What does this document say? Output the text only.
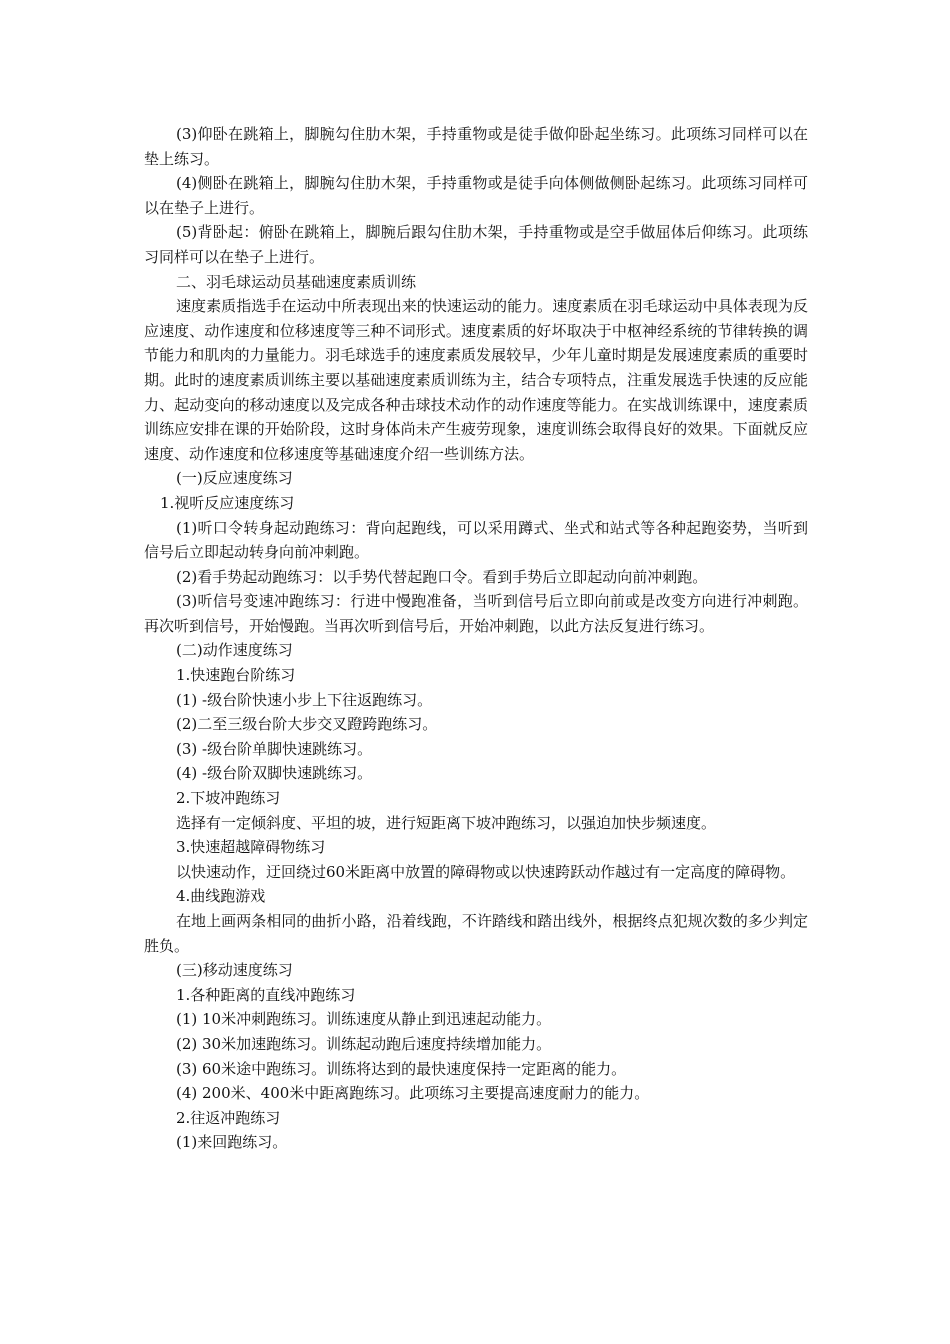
(3)仰卧在跳箱上，脚腕勾住肋木架，手持重物或是徒手做仰卧起坐练习。此项练习同样可以在垫上练习。

(4)侧卧在跳箱上，脚腕勾住肋木架，手持重物或是徒手向体侧做侧卧起练习。此项练习同样可以在垫子上进行。

(5)背卧起：俯卧在跳箱上，脚腕后跟勾住肋木架，手持重物或是空手做屈体后仰练习。此项练习同样可以在垫子上进行。

二、羽毛球运动员基础速度素质训练

速度素质指选手在运动中所表现出来的快速运动的能力。速度素质在羽毛球运动中具体表现为反应速度、动作速度和位移速度等三种不词形式。速度素质的好坏取决于中枢神经系统的节律转换的调节能力和肌肉的力量能力。羽毛球选手的速度素质发展较早，少年儿童时期是发展速度素质的重要时期。此时的速度素质训练主要以基础速度素质训练为主，结合专项特点，注重发展选手快速的反应能力、起动变向的移动速度以及完成各种击球技术动作的动作速度等能力。在实战训练课中，速度素质训练应安排在课的开始阶段，这时身体尚未产生疲劳现象，速度训练会取得良好的效果。下面就反应速度、动作速度和位移速度等基础速度介绍一些训练方法。

(一)反应速度练习

1.视听反应速度练习

(1)听口令转身起动跑练习：背向起跑线，可以采用蹲式、坐式和站式等各种起跑姿势，当听到信号后立即起动转身向前冲刺跑。

(2)看手势起动跑练习：以手势代替起跑口令。看到手势后立即起动向前冲刺跑。

(3)听信号变速冲跑练习：行进中慢跑准备，当听到信号后立即向前或是改变方向进行冲刺跑。再次听到信号，开始慢跑。当再次听到信号后，开始冲刺跑，以此方法反复进行练习。

(二)动作速度练习

1.快速跑台阶练习

(1) -级台阶快速小步上下往返跑练习。

(2)二至三级台阶大步交叉蹬跨跑练习。

(3) -级台阶单脚快速跳练习。

(4) -级台阶双脚快速跳练习。

2.下坡冲跑练习

选择有一定倾斜度、平坦的坡，进行短距离下坡冲跑练习，以强迫加快步频速度。

3.快速超越障碍物练习

以快速动作，迂回绕过60米距离中放置的障碍物或以快速跨跃动作越过有一定高度的障碍物。

4.曲线跑游戏

在地上画两条相同的曲折小路，沿着线跑，不许踏线和踏出线外，根据终点犯规次数的多少判定胜负。

(三)移动速度练习

1.各种距离的直线冲跑练习

(1) 10米冲刺跑练习。训练速度从静止到迅速起动能力。

(2) 30米加速跑练习。训练起动跑后速度持续增加能力。

(3) 60米途中跑练习。训练将达到的最快速度保持一定距离的能力。

(4) 200米、400米中距离跑练习。此项练习主要提高速度耐力的能力。

2.往返冲跑练习

(1)来回跑练习。
